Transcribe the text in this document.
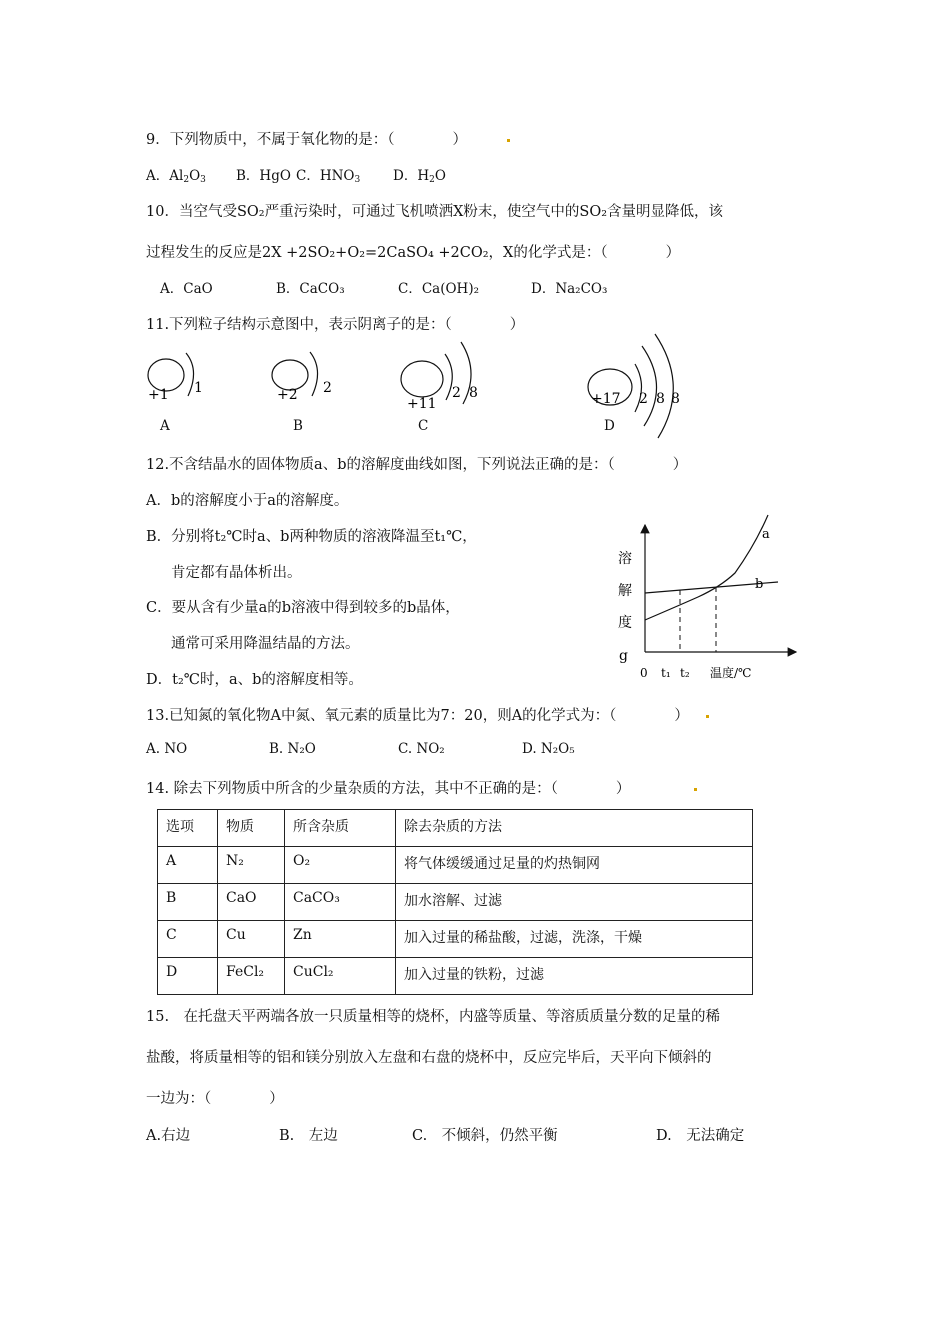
9．下列物质中，不属于氧化物的是：（　　　　）
A．$Al_2O_3$ B．HgO C．$HNO_3$ D．$H_2O$
10．当空气受SO₂严重污染时，可通过飞机喷洒X粉末，使空气中的SO₂含量明显降低，该
过程发生的反应是2X +2SO₂+O₂=2CaSO₄ +2CO₂，X的化学式是：（　　　　）
A．CaO	B．CaCO₃	C．Ca(OH)₂	D．Na₂CO₃
11.下列粒子结构示意图中，表示阴离子的是：（　　　　）
+1 1	+2 2
+11
2 8	+17 2 8 8
A	B	C	D
12.不含结晶水的固体物质a、b的溶解度曲线如图，下列说法正确的是：（　　　　）
A．b的溶解度小于a的溶解度。
B．分别将t₂℃时a、b两种物质的溶液降温至t₁℃，
肯定都有晶体析出。
C．要从含有少量a的b溶液中得到较多的b晶体，
通常可采用降温结晶的方法。
D．t₂℃时，a、b的溶解度相等。
溶
解
度
g
0 t₁ t₂ 温度/℃
a
b
13.已知氮的氧化物A中氮、氧元素的质量比为7：20，则A的化学式为：（　　　　）
A. NO	B. N₂O	C. NO₂	D. N₂O₅
14. 除去下列物质中所含的少量杂质的方法，其中不正确的是：（　　　　）
选项	物质	所含杂质	除去杂质的方法
A	N₂	O₂	将气体缓缓通过足量的灼热铜网
B	CaO	CaCO₃	加水溶解、过滤
C	Cu	Zn	加入过量的稀盐酸，过滤，洗涤，干燥
D	FeCl₂	CuCl₂	加入过量的铁粉，过滤
15.　在托盘天平两端各放一只质量相等的烧杯，内盛等质量、等溶质质量分数的足量的稀
盐酸，将质量相等的铝和镁分别放入左盘和右盘的烧杯中，反应完毕后，天平向下倾斜的
一边为：（　　　　）
A.右边	B.　左边	C.　不倾斜，仍然平衡	D.　无法确定
